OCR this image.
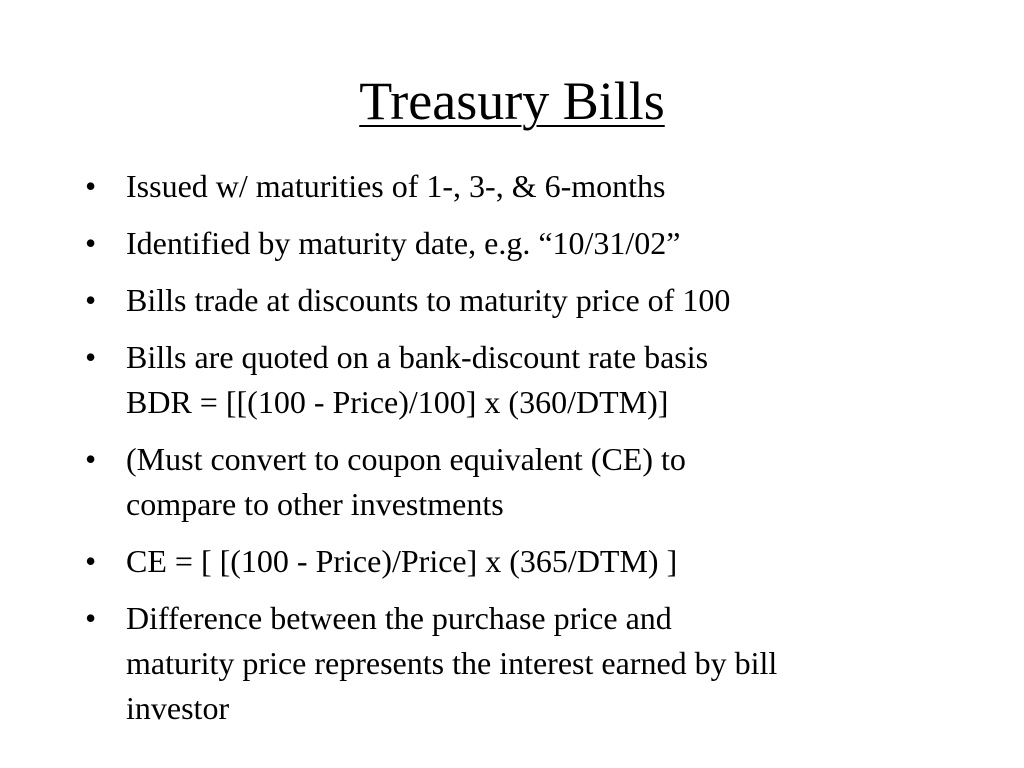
Treasury Bills
• Issued w/ maturities of 1-, 3-, & 6-months
• Identified by maturity date, e.g. “10/31/02”
• Bills trade at discounts to maturity price of 100
• Bills are quoted on a bank-discount rate basis
BDR = [[(100 - Price)/100] x (360/DTM)]
• (Must convert to coupon equivalent (CE) to
compare to other investments
• CE = [ [(100 - Price)/Price] x (365/DTM) ]
• Difference between the purchase price and
maturity price represents the interest earned by bill
investor
